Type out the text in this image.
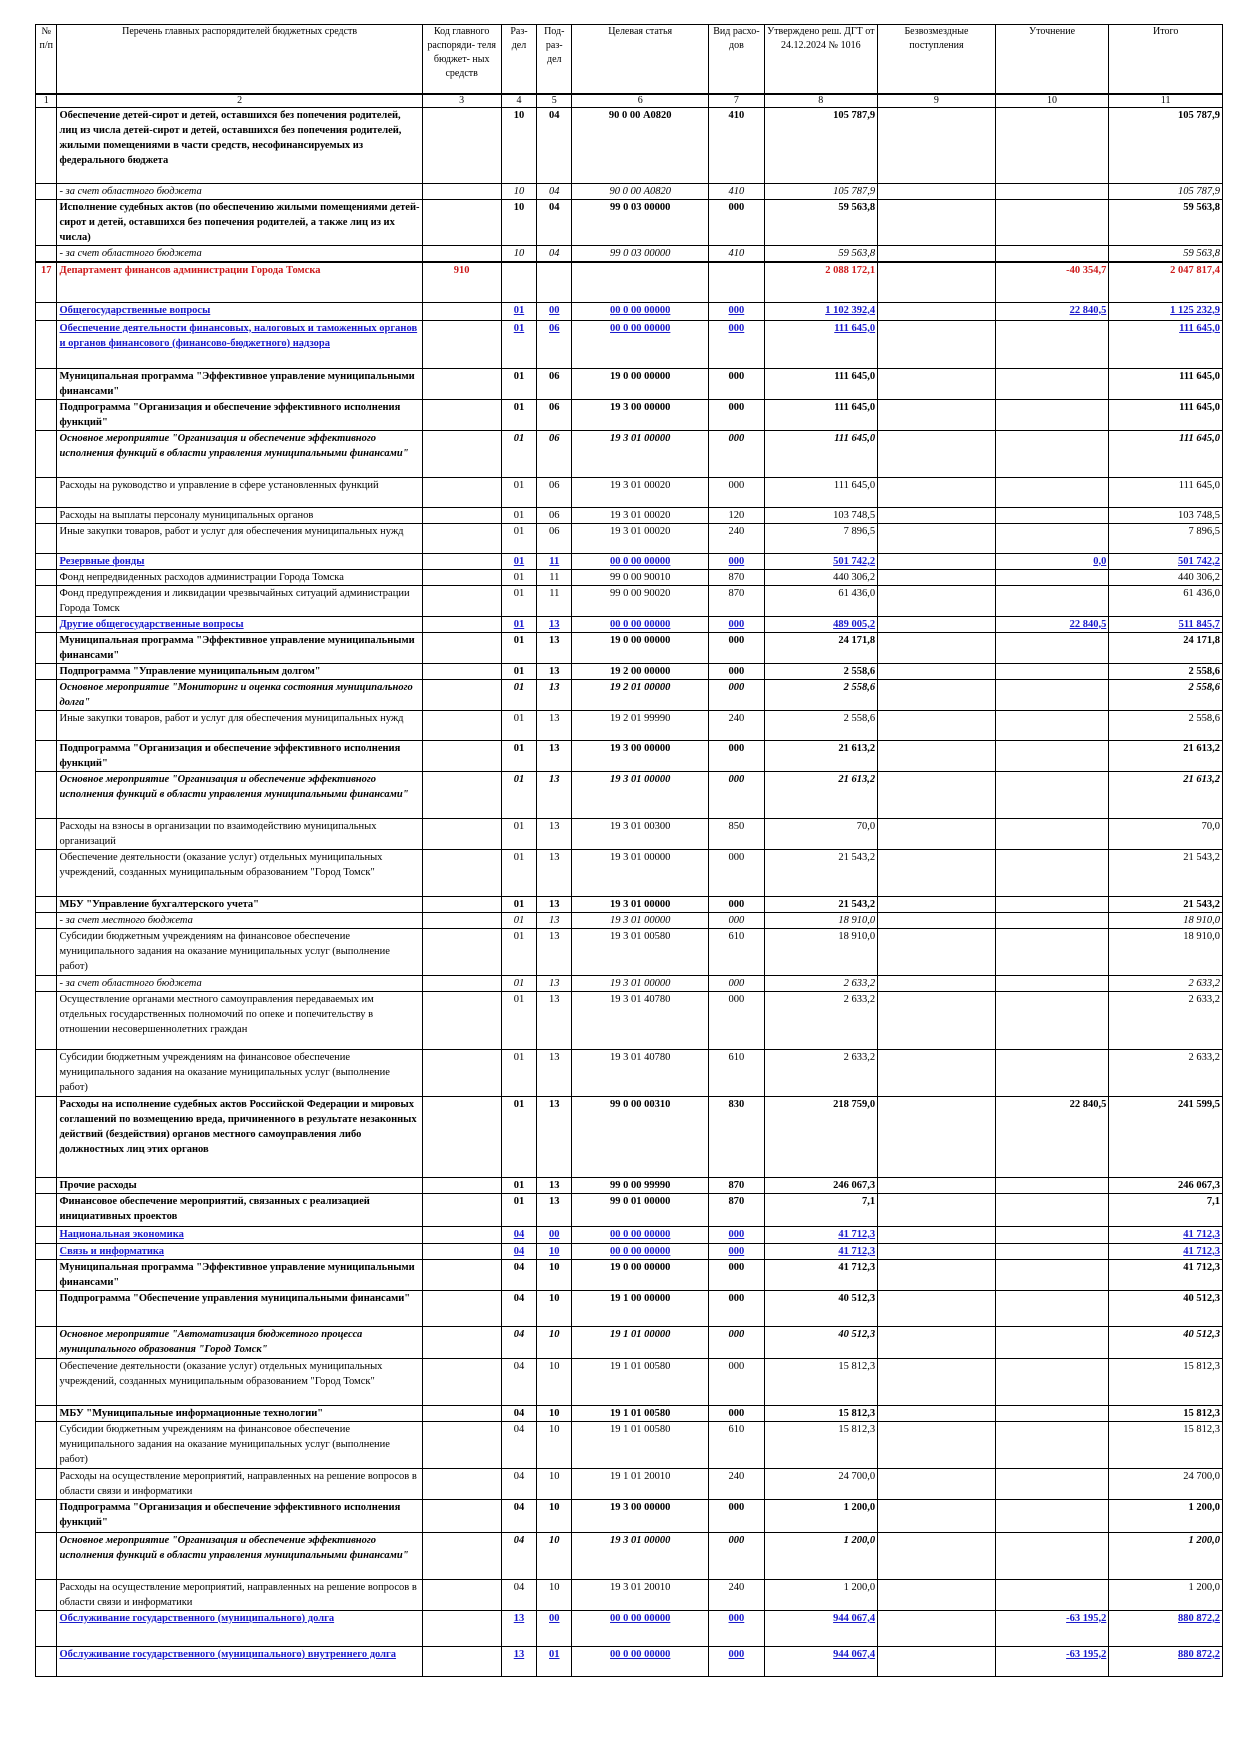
№ п/п	Перечень главных распорядителей бюджетных средств	Код главного распоряди- теля бюджет- ных средств	Раз- дел	Под- раз- дел	Целевая статья	Вид расхо- дов	Утверждено реш. ДГТ от 24.12.2024 № 1016	Безвозмездные поступления	Уточнение	Итого
1	2	3	4	5	6	7	8	9	10	11
	Обеспечение детей-сирот и детей, оставшихся без попечения родителей, лиц из числа детей-сирот и детей, оставшихся без попечения родителей, жилыми помещениями в части средств, несофинансируемых из федерального бюджета		10	04	90 0 00 А0820	410	105 787,9			105 787,9
	- за счет областного бюджета		10	04	90 0 00 А0820	410	105 787,9			105 787,9
	Исполнение судебных актов (по обеспечению жилыми помещениями детей-сирот и детей, оставшихся без попечения родителей, а также лиц из их числа)		10	04	99 0 03 00000	000	59 563,8			59 563,8
	- за счет областного бюджета		10	04	99 0 03 00000	410	59 563,8			59 563,8
17	Департамент финансов администрации Города Томска	910					2 088 172,1		-40 354,7	2 047 817,4
	Общегосударственные вопросы		01	00	00 0 00 00000	000	1 102 392,4		22 840,5	1 125 232,9
	Обеспечение деятельности финансовых, налоговых и таможенных органов и органов финансового (финансово-бюджетного) надзора		01	06	00 0 00 00000	000	111 645,0			111 645,0
	Муниципальная программа "Эффективное управление муниципальными финансами"		01	06	19 0 00 00000	000	111 645,0			111 645,0
	Подпрограмма "Организация и обеспечение эффективного исполнения функций"		01	06	19 3 00 00000	000	111 645,0			111 645,0
	Основное мероприятие "Организация и обеспечение эффективного исполнения функций в области управления муниципальными финансами"		01	06	19 3 01 00000	000	111 645,0			111 645,0
	Расходы на руководство и управление в сфере установленных функций		01	06	19 3 01 00020	000	111 645,0			111 645,0
	Расходы на выплаты персоналу муниципальных органов		01	06	19 3 01 00020	120	103 748,5			103 748,5
	Иные закупки товаров, работ и услуг для обеспечения муниципальных нужд		01	06	19 3 01 00020	240	7 896,5			7 896,5
	Резервные фонды		01	11	00 0 00 00000	000	501 742,2		0,0	501 742,2
	Фонд непредвиденных расходов администрации Города Томска		01	11	99 0 00 90010	870	440 306,2			440 306,2
	Фонд предупреждения и ликвидации чрезвычайных ситуаций администрации Города Томск		01	11	99 0 00 90020	870	61 436,0			61 436,0
	Другие общегосударственные вопросы		01	13	00 0 00 00000	000	489 005,2		22 840,5	511 845,7
	Муниципальная программа "Эффективное управление муниципальными финансами"		01	13	19 0 00 00000	000	24 171,8			24 171,8
	Подпрограмма "Управление муниципальным долгом"		01	13	19 2 00 00000	000	2 558,6			2 558,6
	Основное мероприятие "Мониторинг и оценка состояния муниципального долга"		01	13	19 2 01 00000	000	2 558,6			2 558,6
	Иные закупки товаров, работ и услуг для обеспечения муниципальных нужд		01	13	19 2 01 99990	240	2 558,6			2 558,6
	Подпрограмма "Организация и обеспечение эффективного исполнения функций"		01	13	19 3 00 00000	000	21 613,2			21 613,2
	Основное мероприятие "Организация и обеспечение эффективного исполнения функций в области управления муниципальными финансами"		01	13	19 3 01 00000	000	21 613,2			21 613,2
	Расходы на взносы в организации по взаимодействию муниципальных организаций		01	13	19 3 01 00300	850	70,0			70,0
	Обеспечение деятельности (оказание услуг) отдельных муниципальных учреждений, созданных муниципальным образованием "Город Томск"		01	13	19 3 01 00000	000	21 543,2			21 543,2
	МБУ "Управление бухгалтерского учета"		01	13	19 3 01 00000	000	21 543,2			21 543,2
	- за счет местного бюджета		01	13	19 3 01 00000	000	18 910,0			18 910,0
	Субсидии бюджетным учреждениям на финансовое обеспечение муниципального задания на оказание муниципальных услуг (выполнение работ)		01	13	19 3 01 00580	610	18 910,0			18 910,0
	- за счет областного бюджета		01	13	19 3 01 00000	000	2 633,2			2 633,2
	Осуществление органами местного самоуправления передаваемых им отдельных государственных полномочий по опеке и попечительству в отношении несовершеннолетних граждан		01	13	19 3 01 40780	000	2 633,2			2 633,2
	Субсидии бюджетным учреждениям на финансовое обеспечение муниципального задания на оказание муниципальных услуг (выполнение работ)		01	13	19 3 01 40780	610	2 633,2			2 633,2
	Расходы на исполнение судебных актов Российской Федерации и мировых соглашений по возмещению вреда, причиненного в результате незаконных действий (бездействия) органов местного самоуправления либо должностных лиц этих органов		01	13	99 0 00 00310	830	218 759,0		22 840,5	241 599,5
	Прочие расходы		01	13	99 0 00 99990	870	246 067,3			246 067,3
	Финансовое обеспечение мероприятий, связанных с реализацией инициативных проектов		01	13	99 0 01 00000	870	7,1			7,1
	Национальная экономика		04	00	00 0 00 00000	000	41 712,3			41 712,3
	Связь и информатика		04	10	00 0 00 00000	000	41 712,3			41 712,3
	Муниципальная программа "Эффективное управление муниципальными финансами"		04	10	19 0 00 00000	000	41 712,3			41 712,3
	Подпрограмма "Обеспечение управления муниципальными финансами"		04	10	19 1 00 00000	000	40 512,3			40 512,3
	Основное мероприятие "Автоматизация бюджетного процесса муниципального образования "Город Томск"		04	10	19 1 01 00000	000	40 512,3			40 512,3
	Обеспечение деятельности (оказание услуг) отдельных муниципальных учреждений, созданных муниципальным образованием "Город Томск"		04	10	19 1 01 00580	000	15 812,3			15 812,3
	МБУ "Муниципальные информационные технологии"		04	10	19 1 01 00580	000	15 812,3			15 812,3
	Субсидии бюджетным учреждениям на финансовое обеспечение муниципального задания на оказание муниципальных услуг (выполнение работ)		04	10	19 1 01 00580	610	15 812,3			15 812,3
	Расходы на осуществление мероприятий, направленных на решение вопросов в области связи и информатики		04	10	19 1 01 20010	240	24 700,0			24 700,0
	Подпрограмма "Организация и обеспечение эффективного исполнения функций"		04	10	19 3 00 00000	000	1 200,0			1 200,0
	Основное мероприятие "Организация и обеспечение эффективного исполнения функций в области управления муниципальными финансами"		04	10	19 3 01 00000	000	1 200,0			1 200,0
	Расходы на осуществление мероприятий, направленных на решение вопросов в области связи и информатики		04	10	19 3 01 20010	240	1 200,0			1 200,0
	Обслуживание государственного (муниципального) долга		13	00	00 0 00 00000	000	944 067,4		-63 195,2	880 872,2
	Обслуживание государственного (муниципального) внутреннего долга		13	01	00 0 00 00000	000	944 067,4		-63 195,2	880 872,2
